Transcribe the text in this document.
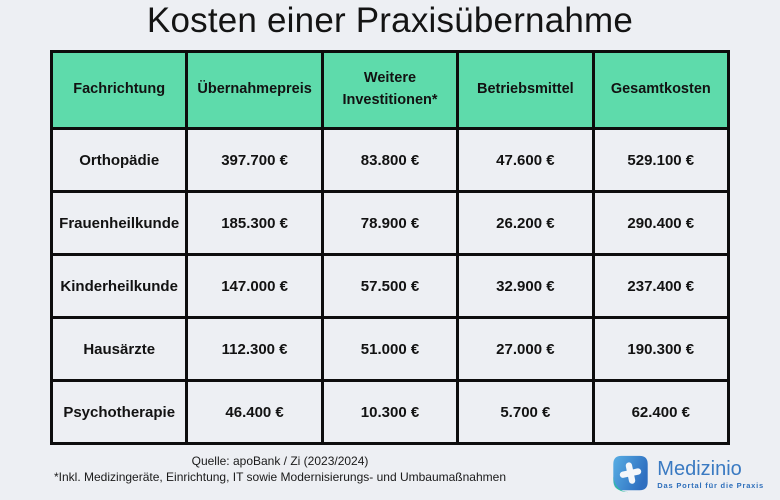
Kosten einer Praxisübernahme
Fachrichtung	Übernahmepreis	Weitere Investitionen*	Betriebsmittel	Gesamtkosten
Orthopädie	397.700 €	83.800 €	47.600 €	529.100 €
Frauenheilkunde	185.300 €	78.900 €	26.200 €	290.400 €
Kinderheilkunde	147.000 €	57.500 €	32.900 €	237.400 €
Hausärzte	112.300 €	51.000 €	27.000 €	190.300 €
Psychotherapie	46.400 €	10.300 €	5.700 €	62.400 €
Quelle: apoBank / Zi (2023/2024)
*Inkl. Medizingeräte, Einrichtung, IT sowie Modernisierungs- und Umbaumaßnahmen	Medizinio
Das Portal für die Praxis
